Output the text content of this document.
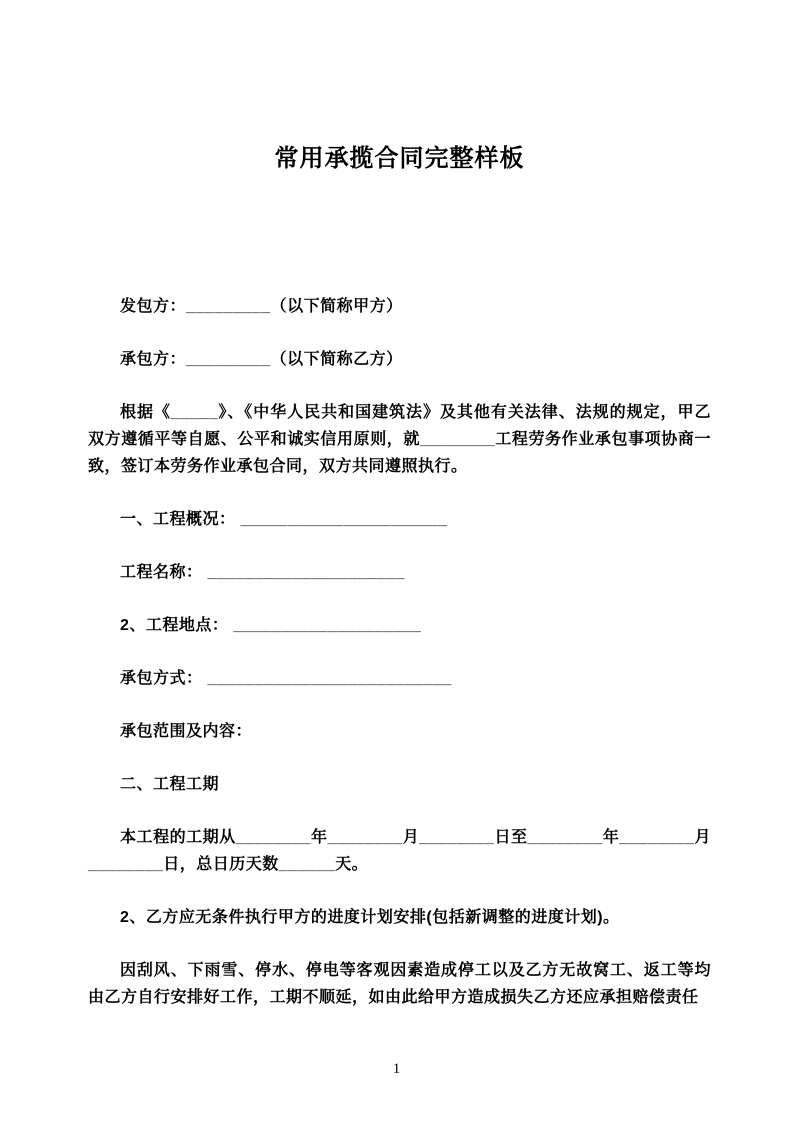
常用承揽合同完整样板

发包方：_________（以下简称甲方）

承包方：_________（以下简称乙方）

根据《_____》、《中华人民共和国建筑法》及其他有关法律、法规的规定，甲乙双方遵循平等自愿、公平和诚实信用原则，就________工程劳务作业承包事项协商一致，签订本劳务作业承包合同，双方共同遵照执行。

一、工程概况： ______________________

工程名称： _____________________

2、工程地点： ____________________

承包方式： __________________________

承包范围及内容：

二、工程工期

本工程的工期从________年________月________日至________年________月________日，总日历天数______天。

2、乙方应无条件执行甲方的进度计划安排(包括新调整的进度计划)。

因刮风、下雨雪、停水、停电等客观因素造成停工以及乙方无故窝工、返工等均由乙方自行安排好工作，工期不顺延，如由此给甲方造成损失乙方还应承担赔偿责任

1
